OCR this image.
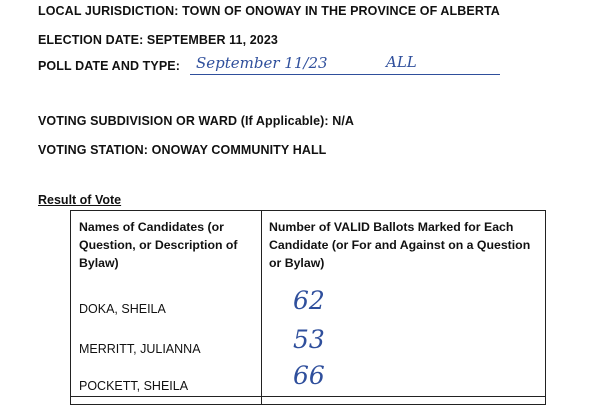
LOCAL JURISDICTION: TOWN OF ONOWAY IN THE PROVINCE OF ALBERTA
ELECTION DATE: SEPTEMBER 11, 2023
POLL DATE AND TYPE: September 11/23	ALL
VOTING SUBDIVISION OR WARD (If Applicable): N/A
VOTING STATION: ONOWAY COMMUNITY HALL
Result of Vote
Names of Candidates (or Question, or Description of Bylaw)
Number of VALID Ballots Marked for Each Candidate (or For and Against on a Question or Bylaw)
DOKA, SHEILA	62
MERRITT, JULIANNA	53
POCKETT, SHEILA	66
